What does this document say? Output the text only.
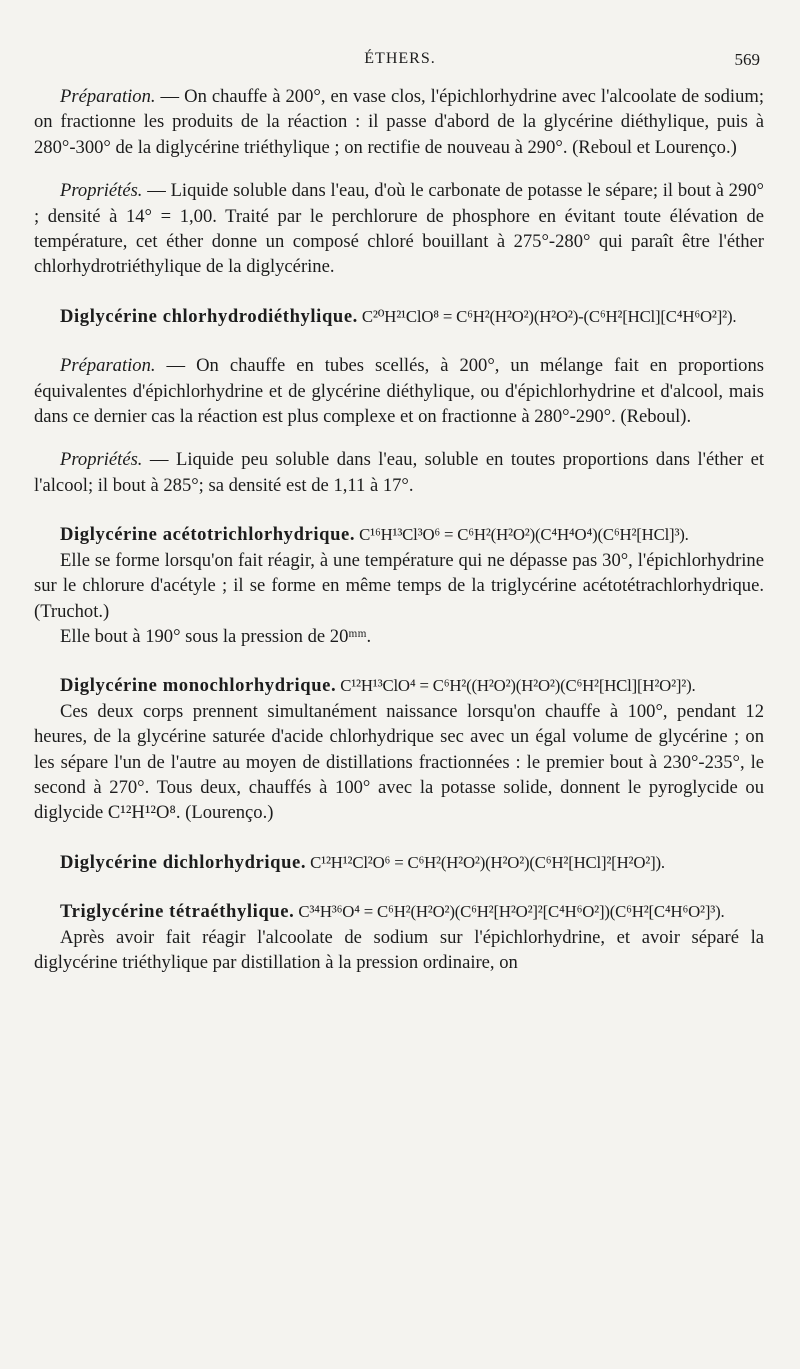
ÉTHERS.	569

Préparation. — On chauffe à 200°, en vase clos, l'épichlorhydrine avec l'alcoolate de sodium; on fractionne les produits de la réaction : il passe d'abord de la glycérine diéthylique, puis à 280°-300° de la diglycérine triéthylique ; on rectifie de nouveau à 290°. (Reboul et Lourenço.)

Propriétés. — Liquide soluble dans l'eau, d'où le carbonate de potasse le sépare; il bout à 290° ; densité à 14° = 1,00. Traité par le perchlorure de phosphore en évitant toute élévation de température, cet éther donne un composé chloré bouillant à 275°-280° qui paraît être l'éther chlorhydrotriéthylique de la diglycérine.

Diglycérine chlorhydrodiéthylique. C²⁰H²¹ClO⁸ = C⁶H²(H²O²)(H²O²)-(C⁶H²[HCl][C⁴H⁶O²]²).

Préparation. — On chauffe en tubes scellés, à 200°, un mélange fait en proportions équivalentes d'épichlorhydrine et de glycérine diéthylique, ou d'épichlorhydrine et d'alcool, mais dans ce dernier cas la réaction est plus complexe et on fractionne à 280°-290°. (Reboul).

Propriétés. — Liquide peu soluble dans l'eau, soluble en toutes proportions dans l'éther et l'alcool; il bout à 285°; sa densité est de 1,11 à 17°.

Diglycérine acétotrichlorhydrique. C¹⁶H¹³Cl³O⁶ = C⁶H²(H²O²)(C⁴H⁴O⁴)(C⁶H²[HCl]³).

Elle se forme lorsqu'on fait réagir, à une température qui ne dépasse pas 30°, l'épichlorhydrine sur le chlorure d'acétyle ; il se forme en même temps de la triglycérine acétotétrachlorhydrique. (Truchot.)

Elle bout à 190° sous la pression de 20ᵐᵐ.

Diglycérine monochlorhydrique. C¹²H¹³ClO⁴ = C⁶H²((H²O²)(H²O²)(C⁶H²[HCl][H²O²]²).

Ces deux corps prennent simultanément naissance lorsqu'on chauffe à 100°, pendant 12 heures, de la glycérine saturée d'acide chlorhydrique sec avec un égal volume de glycérine ; on les sépare l'un de l'autre au moyen de distillations fractionnées : le premier bout à 230°-235°, le second à 270°. Tous deux, chauffés à 100° avec la potasse solide, donnent le pyroglycide ou diglycide C¹²H¹²O⁸. (Lourenço.)

Diglycérine dichlorhydrique. C¹²H¹²Cl²O⁶ = C⁶H²(H²O²)(H²O²)(C⁶H²[HCl]²[H²O²]).

Triglycérine tétraéthylique. C³⁴H³⁶O⁴ = C⁶H²(H²O²)(C⁶H²[H²O²]²[C⁴H⁶O²])(C⁶H²[C⁴H⁶O²]³).

Après avoir fait réagir l'alcoolate de sodium sur l'épichlorhydrine, et avoir séparé la diglycérine triéthylique par distillation à la pression ordinaire, on
